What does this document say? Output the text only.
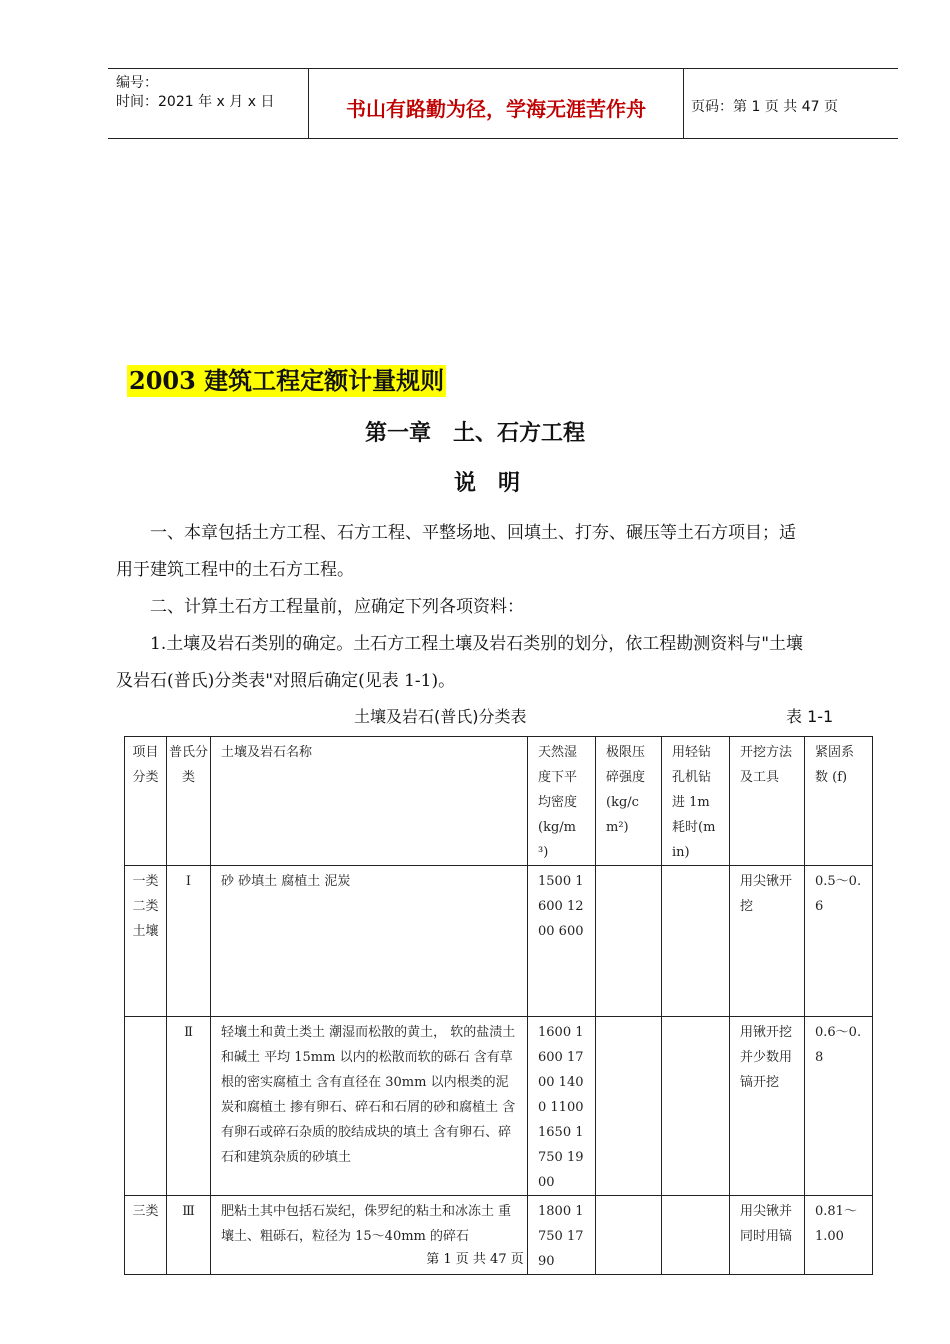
编号：
时间：2021 年 x 月 x 日	书山有路勤为径，学海无涯苦作舟	页码：第 1 页 共 47 页
2003 建筑工程定额计量规则
第一章　土、石方工程
说　明
一、本章包括土方工程、石方工程、平整场地、回填土、打夯、碾压等土石方项目；适
用于建筑工程中的土石方工程。
二、计算土石方工程量前，应确定下列各项资料：
1.土壤及岩石类别的确定。土石方工程土壤及岩石类别的划分，依工程勘测资料与"土壤
及岩石(普氏)分类表"对照后确定(见表 1-1)。
土壤及岩石(普氏)分类表	表 1-1
项目分类	普氏分类	土壤及岩石名称	天然湿度下平均密度(kg/m³)	极限压碎强度(kg/cm²)	用轻钻孔机钻进 1m 耗时(min)	开挖方法及工具	紧固系数 (f)
一类二类土壤	Ⅰ	砂 砂填土 腐植土 泥炭	1500 1600 1200 600			用尖锹开挖	0.5～0.6
	Ⅱ	轻壤土和黄土类土 潮湿而松散的黄土， 软的盐渍土和碱土 平均 15mm 以内的松散而软的砾石 含有草根的密实腐植土 含有直径在 30mm 以内根类的泥炭和腐植土 掺有卵石、碎石和石屑的砂和腐植土 含有卵石或碎石杂质的胶结成块的填土 含有卵石、碎石和建筑杂质的砂填土	1600 1600 1700 1400 1100 1650 1750 1900			用锹开挖并少数用镐开挖	0.6～0.8
三类	Ⅲ	肥粘土其中包括石炭纪，侏罗纪的粘土和冰冻土 重壤土、粗砾石，粒径为 15～40mm 的碎石	1800 1750 1790			用尖锹并同时用镐	0.81～1.00
第 1 页 共 47 页
